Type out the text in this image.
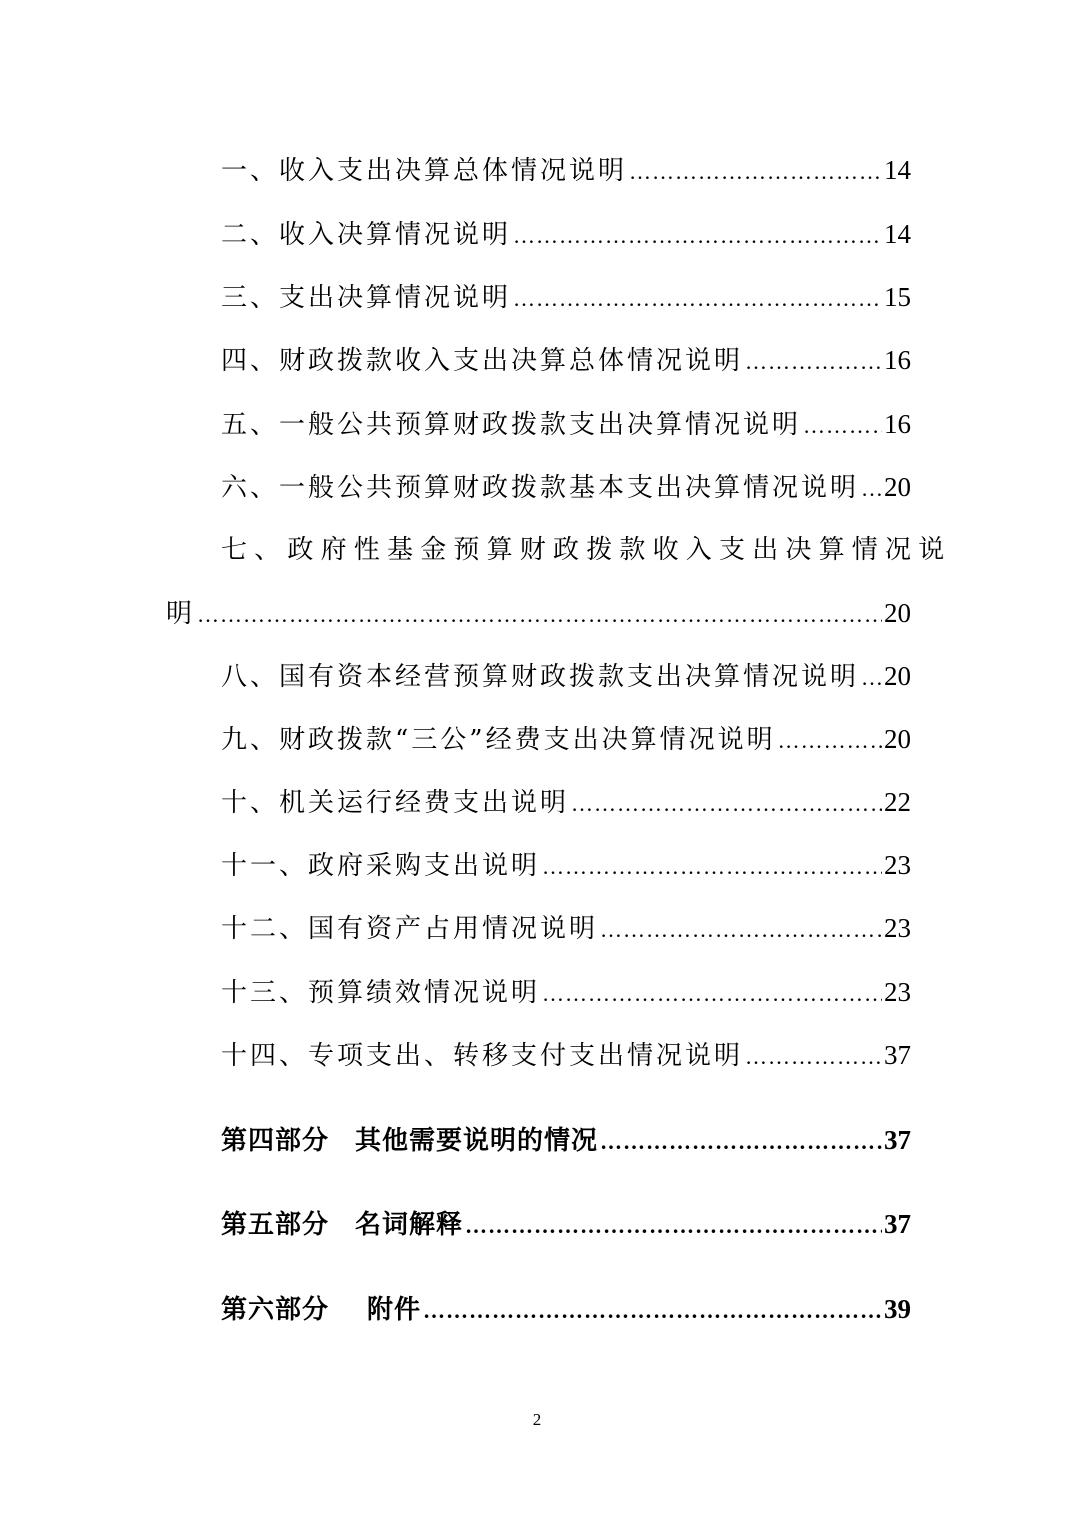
一、收入支出决算总体情况说明 …………………………………………………………………………………………………………………………………………………………………………	14
二、收入决算情况说明 …………………………………………………………………………………………………………………………………………………………………………	14
三、支出决算情况说明 …………………………………………………………………………………………………………………………………………………………………………	15
四、财政拨款收入支出决算总体情况说明 …………………………………………………………………………………………………………………………………………………………………………	16
五、一般公共预算财政拨款支出决算情况说明 …………………………………………………………………………………………………………………………………………………………………………	16
六、一般公共预算财政拨款基本支出决算情况说明 ………………………………………………………………………………………………………………………………………………………………………… 20
七、政府性基金预算财政拨款收入支出决算情况说
明 …………………………………………………………………………………………………………………………………………………………………………	20
八、国有资本经营预算财政拨款支出决算情况说明 ………………………………………………………………………………………………………………………………………………………………………… 20
九、财政拨款“三公”经费支出决算情况说明 …………………………………………………………………………………………………………………………………………………………………………	20
十、机关运行经费支出说明 …………………………………………………………………………………………………………………………………………………………………………	22
十一、政府采购支出说明 …………………………………………………………………………………………………………………………………………………………………………	23
十二、国有资产占用情况说明 …………………………………………………………………………………………………………………………………………………………………………	23
十三、预算绩效情况说明 …………………………………………………………………………………………………………………………………………………………………………	23
十四、专项支出、转移支付支出情况说明 …………………………………………………………………………………………………………………………………………………………………………	37
第四部分 其他需要说明的情况 …………………………………………………………………………………………………………………………………………………………………………	37
第五部分 名词解释 …………………………………………………………………………………………………………………………………………………………………………	37
第六部分 附件 …………………………………………………………………………………………………………………………………………………………………………	39
2
